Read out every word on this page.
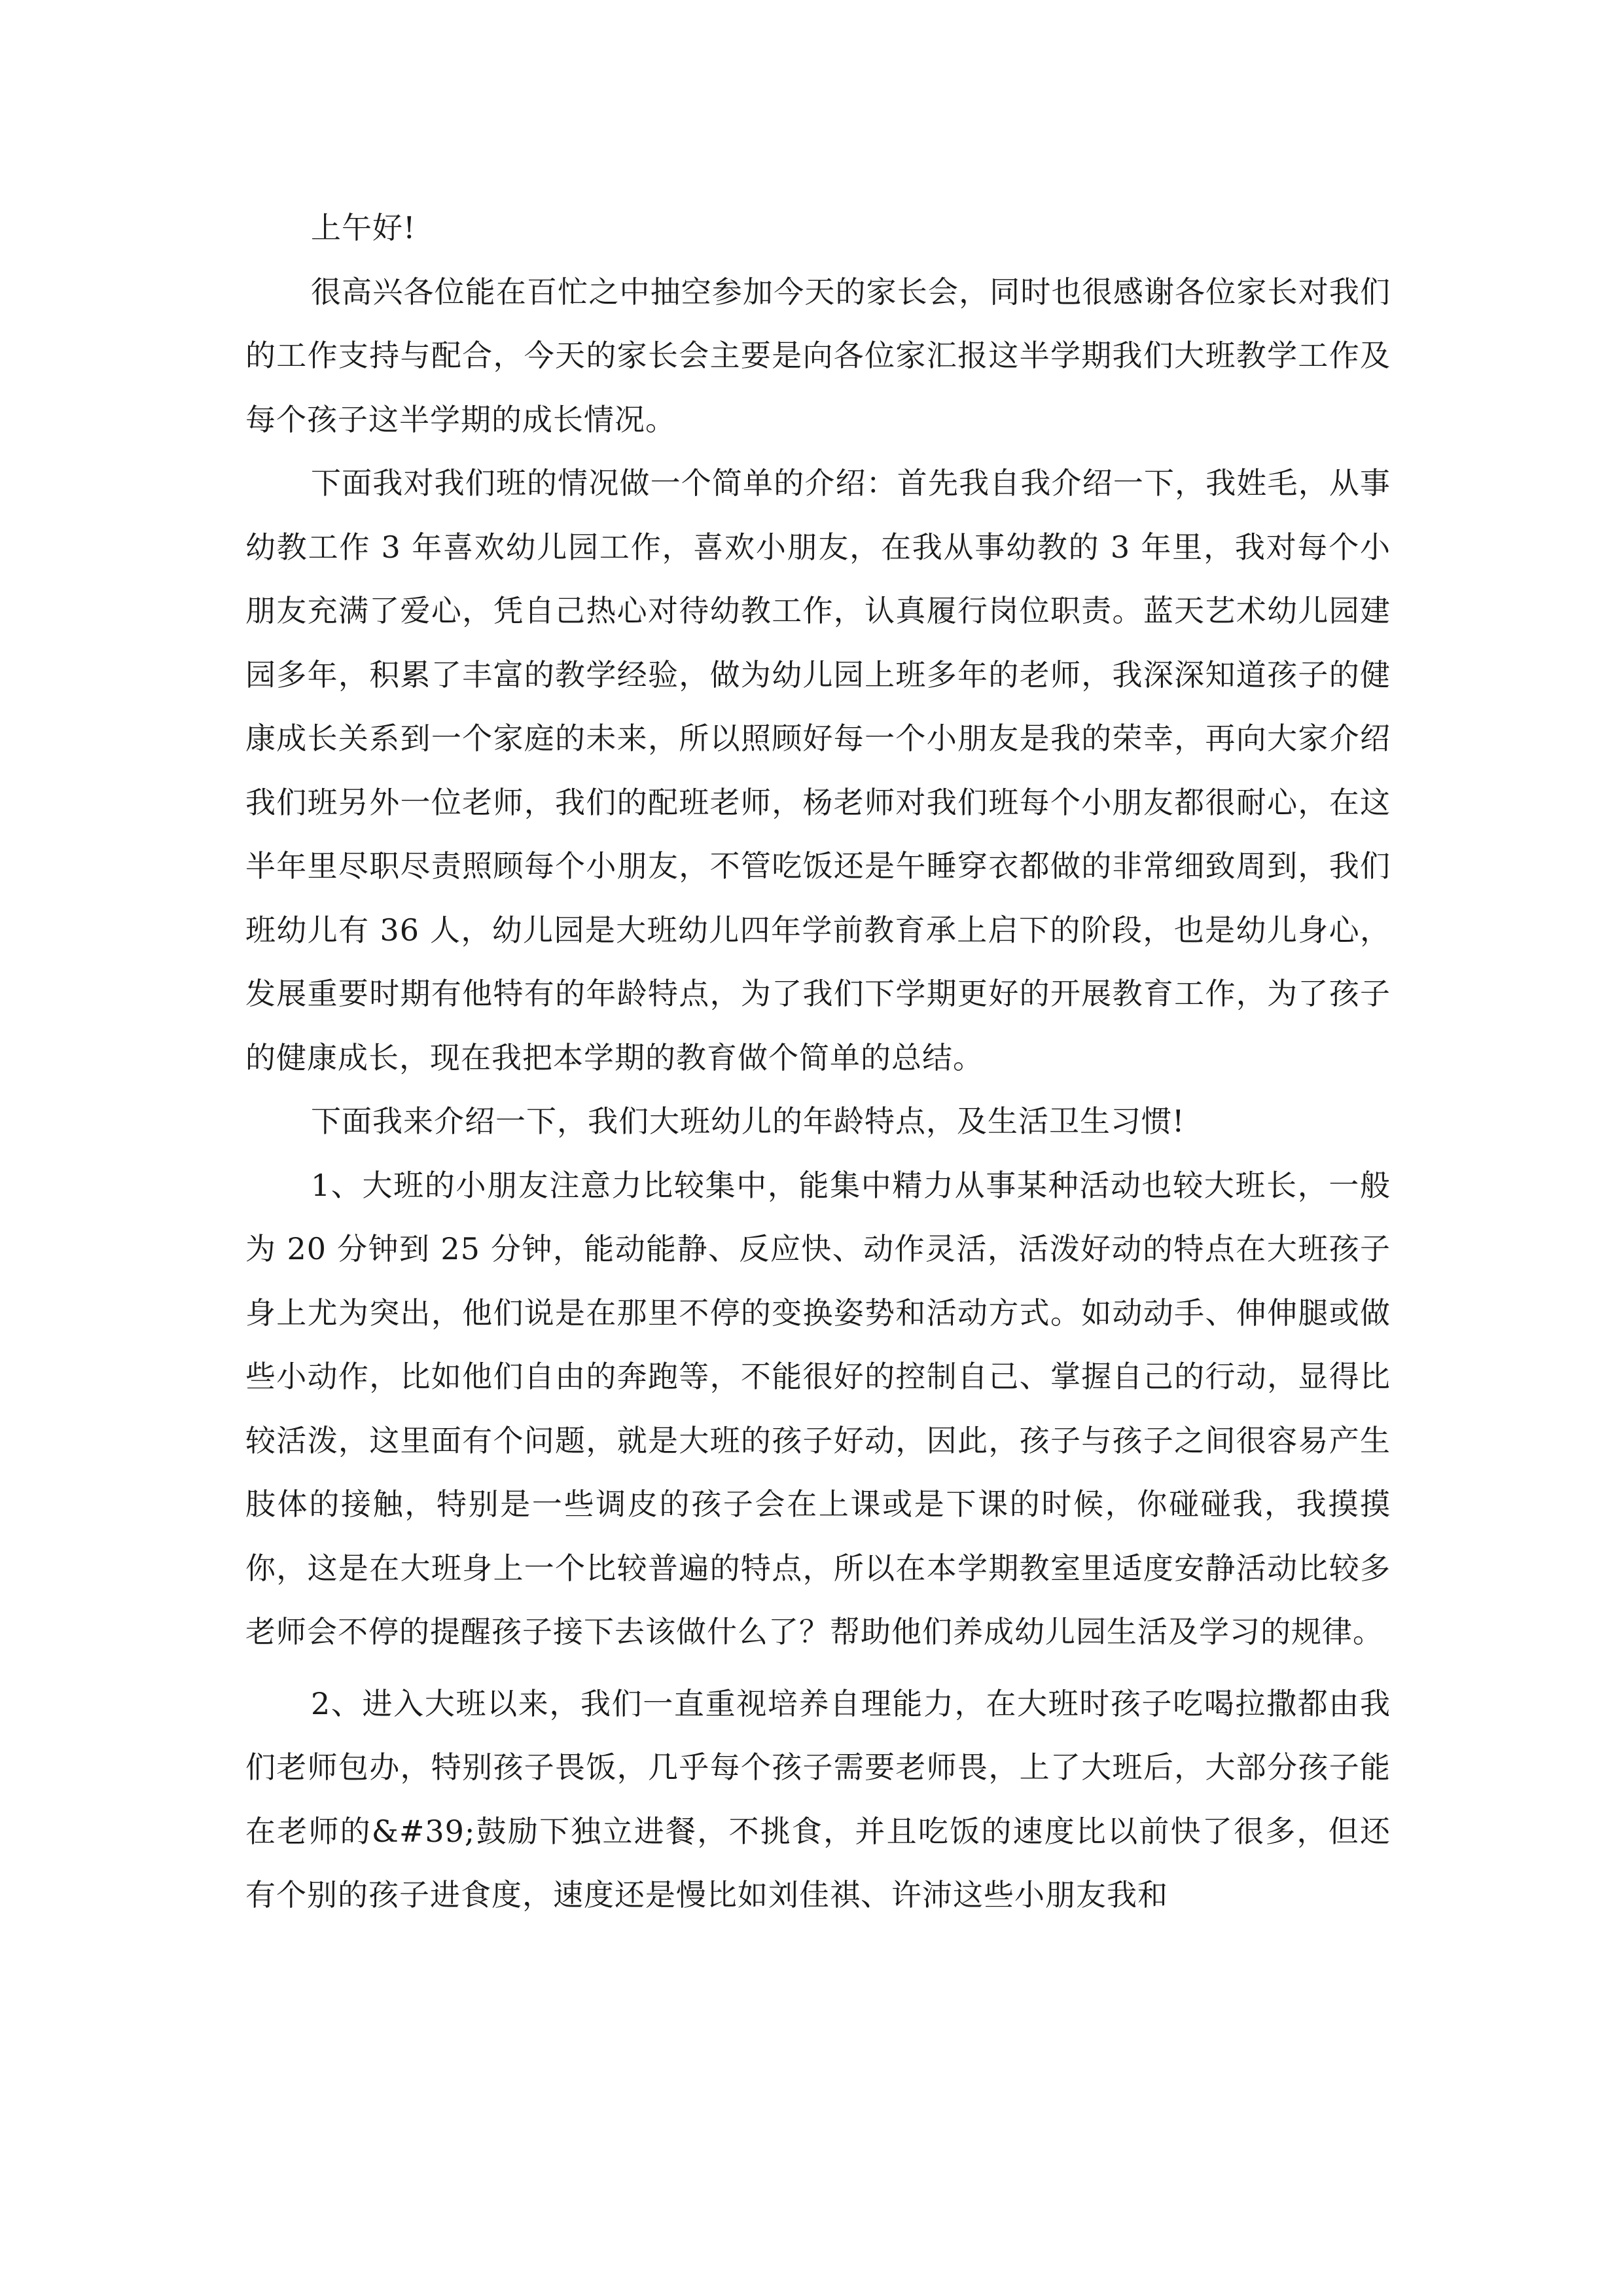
上午好!

很高兴各位能在百忙之中抽空参加今天的家长会，同时也很感谢各位家长对我们的工作支持与配合，今天的家长会主要是向各位家汇报这半学期我们大班教学工作及每个孩子这半学期的成长情况。

下面我对我们班的情况做一个简单的介绍：首先我自我介绍一下，我姓毛，从事幼教工作 3 年喜欢幼儿园工作，喜欢小朋友，在我从事幼教的 3 年里，我对每个小朋友充满了爱心，凭自己热心对待幼教工作，认真履行岗位职责。蓝天艺术幼儿园建园多年，积累了丰富的教学经验，做为幼儿园上班多年的老师，我深深知道孩子的健康成长关系到一个家庭的未来，所以照顾好每一个小朋友是我的荣幸，再向大家介绍我们班另外一位老师，我们的配班老师，杨老师对我们班每个小朋友都很耐心，在这半年里尽职尽责照顾每个小朋友，不管吃饭还是午睡穿衣都做的非常细致周到，我们班幼儿有 36 人，幼儿园是大班幼儿四年学前教育承上启下的阶段，也是幼儿身心，发展重要时期有他特有的年龄特点，为了我们下学期更好的开展教育工作，为了孩子的健康成长，现在我把本学期的教育做个简单的总结。

下面我来介绍一下，我们大班幼儿的年龄特点，及生活卫生习惯!

1、大班的小朋友注意力比较集中，能集中精力从事某种活动也较大班长，一般为 20 分钟到 25 分钟，能动能静、反应快、动作灵活，活泼好动的特点在大班孩子身上尤为突出，他们说是在那里不停的变换姿势和活动方式。如动动手、伸伸腿或做些小动作，比如他们自由的奔跑等，不能很好的控制自己、掌握自己的行动，显得比较活泼，这里面有个问题，就是大班的孩子好动，因此，孩子与孩子之间很容易产生肢体的接触，特别是一些调皮的孩子会在上课或是下课的时候，你碰碰我，我摸摸你，这是在大班身上一个比较普遍的特点，所以在本学期教室里适度安静活动比较多老师会不停的提醒孩子接下去该做什么了？帮助他们养成幼儿园生活及学习的规律。

2、进入大班以来，我们一直重视培养自理能力，在大班时孩子吃喝拉撒都由我们老师包办，特别孩子畏饭，几乎每个孩子需要老师畏，上了大班后，大部分孩子能在老师的&#39;鼓励下独立进餐，不挑食，并且吃饭的速度比以前快了很多，但还有个别的孩子进食度，速度还是慢比如刘佳祺、许沛这些小朋友我和
